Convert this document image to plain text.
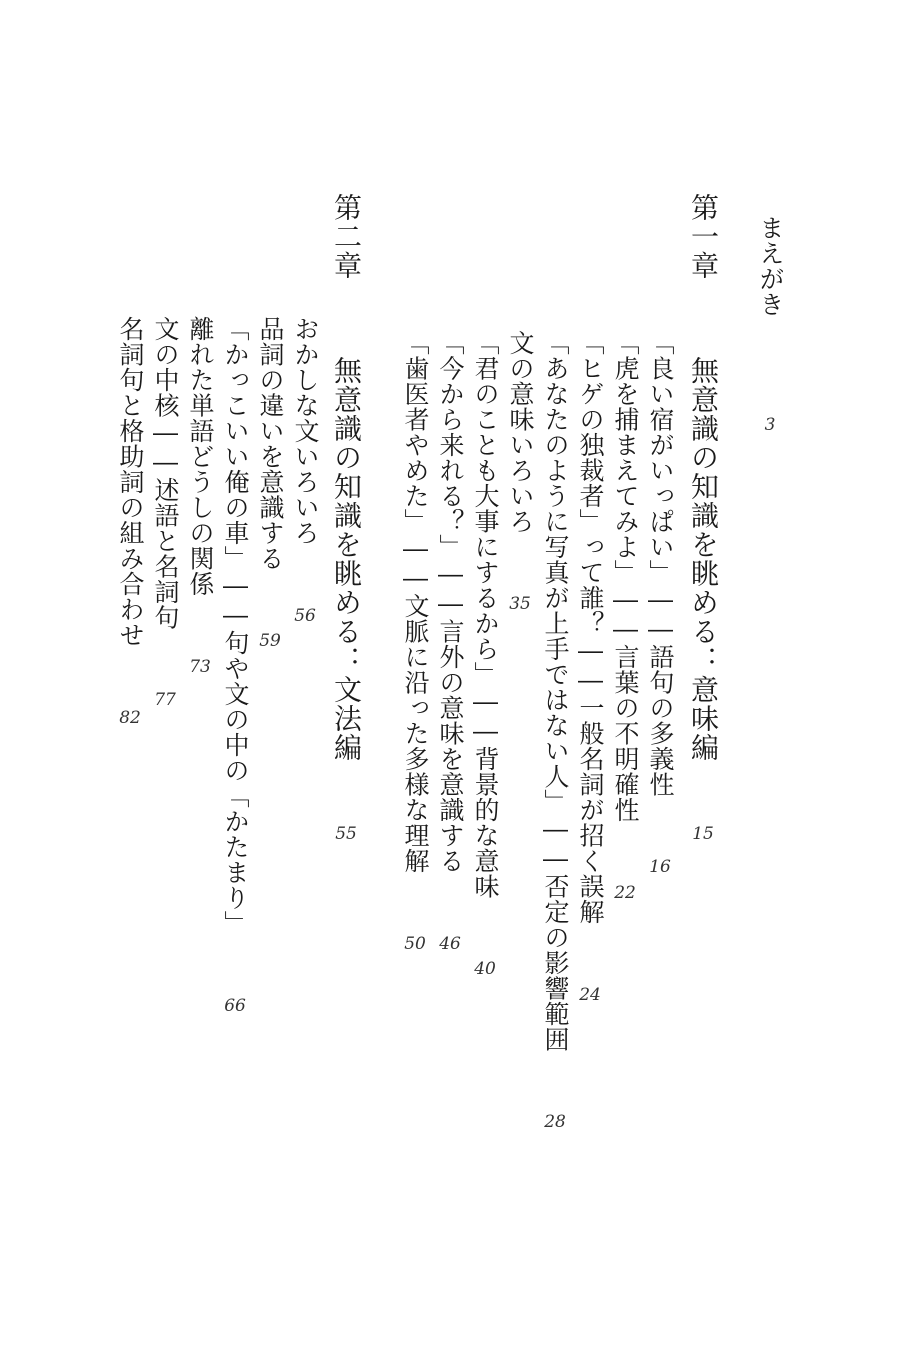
まえがき  3
第一章  無意識の知識を眺める：意味編  15
「良い宿がいっぱい」――語句の多義性  16
「虎を捕まえてみよ」――言葉の不明確性  22
「ヒゲの独裁者」って誰？――一般名詞が招く誤解  24
「あなたのように写真が上手ではない人」――否定の影響範囲  28
文の意味いろいろ  35
「君のことも大事にするから」――背景的な意味  40
「今から来れる？」――言外の意味を意識する  46
「歯医者やめた」――文脈に沿った多様な理解  50
第二章  無意識の知識を眺める：文法編  55
おかしな文いろいろ  56
品詞の違いを意識する  59
「かっこいい俺の車」――句や文の中の「かたまり」  66
離れた単語どうしの関係  73
文の中核――述語と名詞句  77
名詞句と格助詞の組み合わせ  82
